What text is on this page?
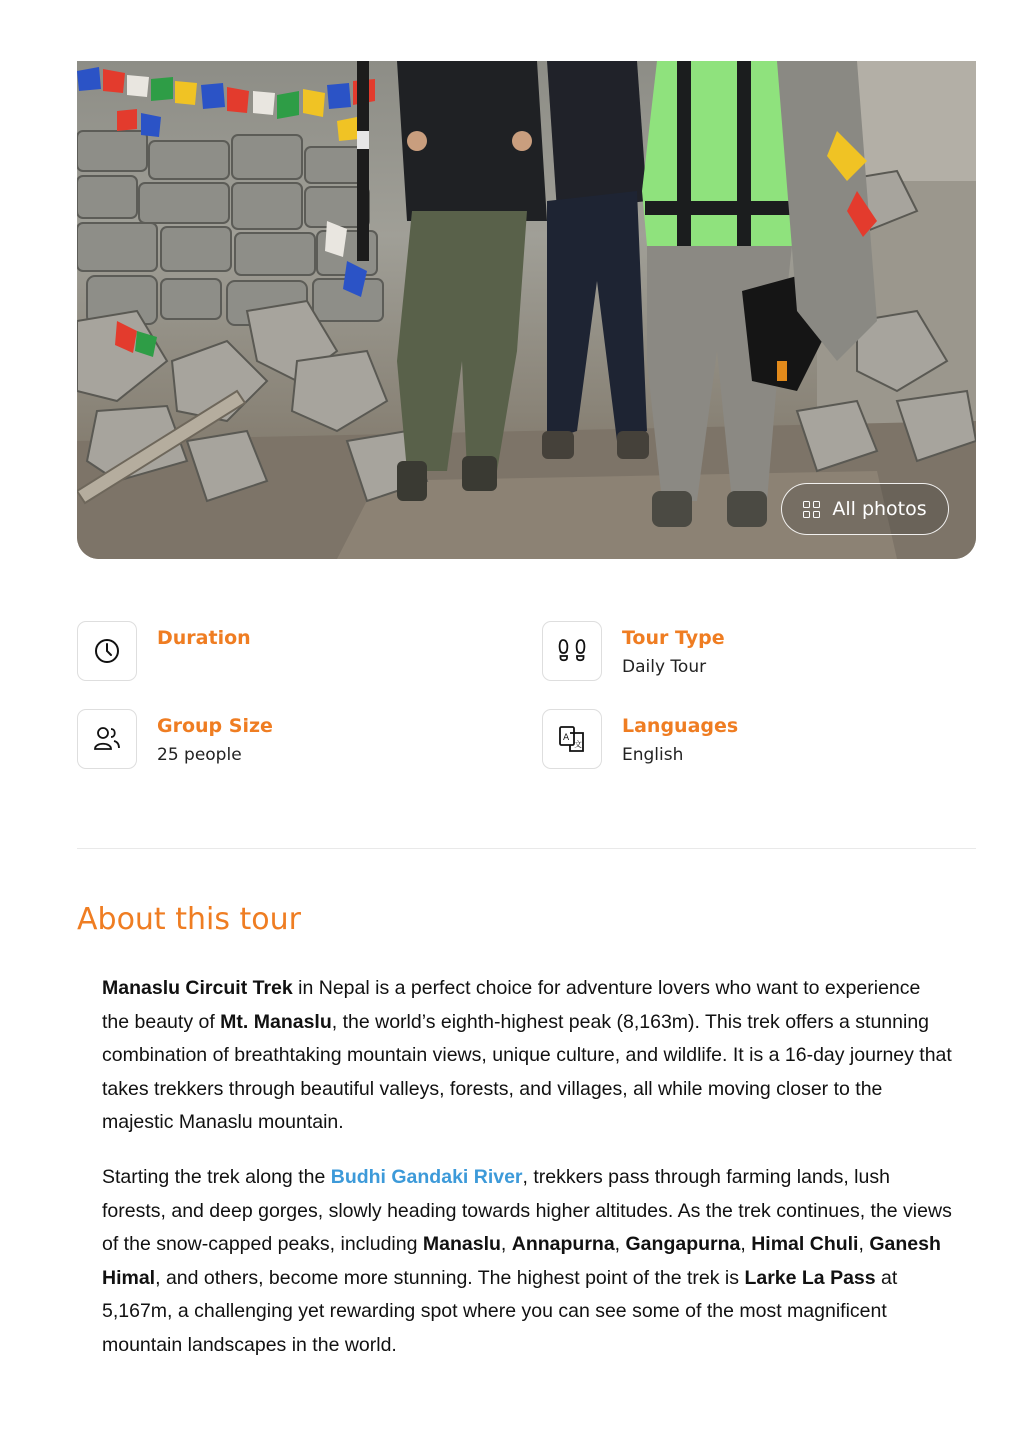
All photos
Duration	Tour Type
Daily Tour
Group Size
25 people
A
文
Languages
English
About this tour

Manaslu Circuit Trek in Nepal is a perfect choice for adventure lovers who want to experience the beauty of Mt. Manaslu, the world’s eighth-highest peak (8,163m). This trek offers a stunning combination of breathtaking mountain views, unique culture, and wildlife. It is a 16-day journey that takes trekkers through beautiful valleys, forests, and villages, all while moving closer to the majestic Manaslu mountain.

Starting the trek along the Budhi Gandaki River, trekkers pass through farming lands, lush forests, and deep gorges, slowly heading towards higher altitudes. As the trek continues, the views of the snow-capped peaks, including Manaslu, Annapurna, Gangapurna, Himal Chuli, Ganesh Himal, and others, become more stunning. The highest point of the trek is Larke La Pass at 5,167m, a challenging yet rewarding spot where you can see some of the most magnificent mountain landscapes in the world.
